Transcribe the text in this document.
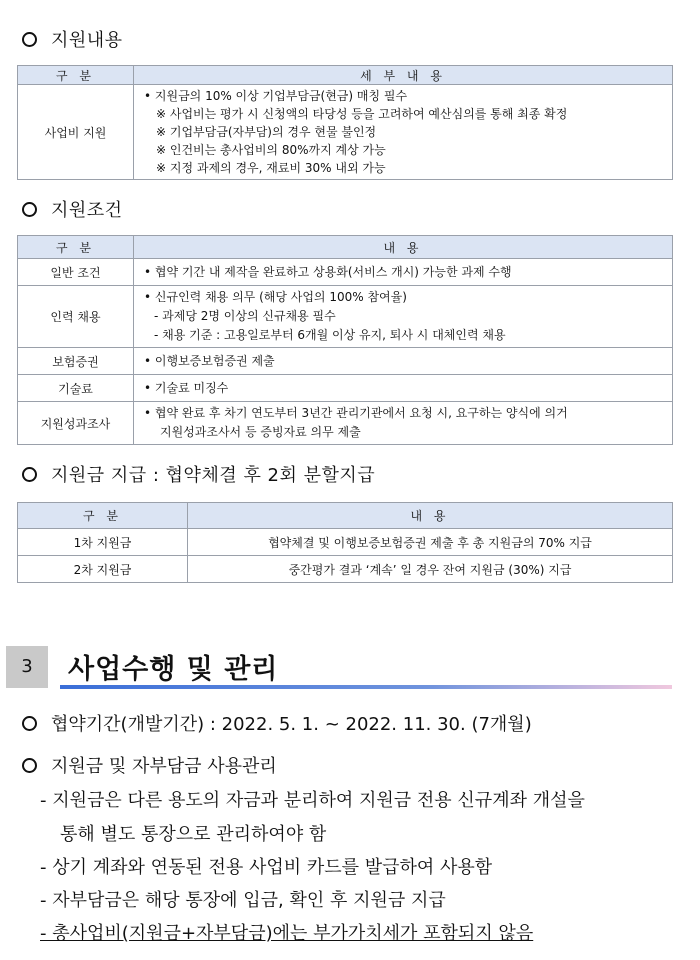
지원내용
구 분	세 부 내 용
사업비 지원	• 지원금의 10% 이상 기업부담금(현금) 매칭 필수
※ 사업비는 평가 시 신청액의 타당성 등을 고려하여 예산심의를 통해 최종 확정
※ 기업부담금(자부담)의 경우 현물 불인정
※ 인건비는 총사업비의 80%까지 계상 가능
※ 지정 과제의 경우, 재료비 30% 내외 가능
지원조건
구 분	내 용
일반 조건	• 협약 기간 내 제작을 완료하고 상용화(서비스 개시) 가능한 과제 수행

인력 채용	• 신규인력 채용 의무 (해당 사업의 100% 참여율)
- 과제당 2명 이상의 신규채용 필수
- 채용 기준 : 고용일로부터 6개월 이상 유지, 퇴사 시 대체인력 채용

보험증권	• 이행보증보험증권 제출

기술료	• 기술료 미징수

지원성과조사	• 협약 완료 후 차기 연도부터 3년간 관리기관에서 요청 시, 요구하는 양식에 의거
지원성과조사서 등 증빙자료 의무 제출
지원금 지급 : 협약체결 후 2회 분할지급
구 분	내 용
1차 지원금	협약체결 및 이행보증보험증권 제출 후 총 지원금의 70% 지급
2차 지원금	중간평가 결과 ‘계속’ 일 경우 잔여 지원금 (30%) 지급
3	사업수행 및 관리
협약기간(개발기간) : 2022. 5. 1. ~ 2022. 11. 30. (7개월)
지원금 및 자부담금 사용관리
- 지원금은 다른 용도의 자금과 분리하여 지원금 전용 신규계좌 개설을
통해 별도 통장으로 관리하여야 함
- 상기 계좌와 연동된 전용 사업비 카드를 발급하여 사용함
- 자부담금은 해당 통장에 입금, 확인 후 지원금 지급
- 총사업비(지원금+자부담금)에는 부가가치세가 포함되지 않음
